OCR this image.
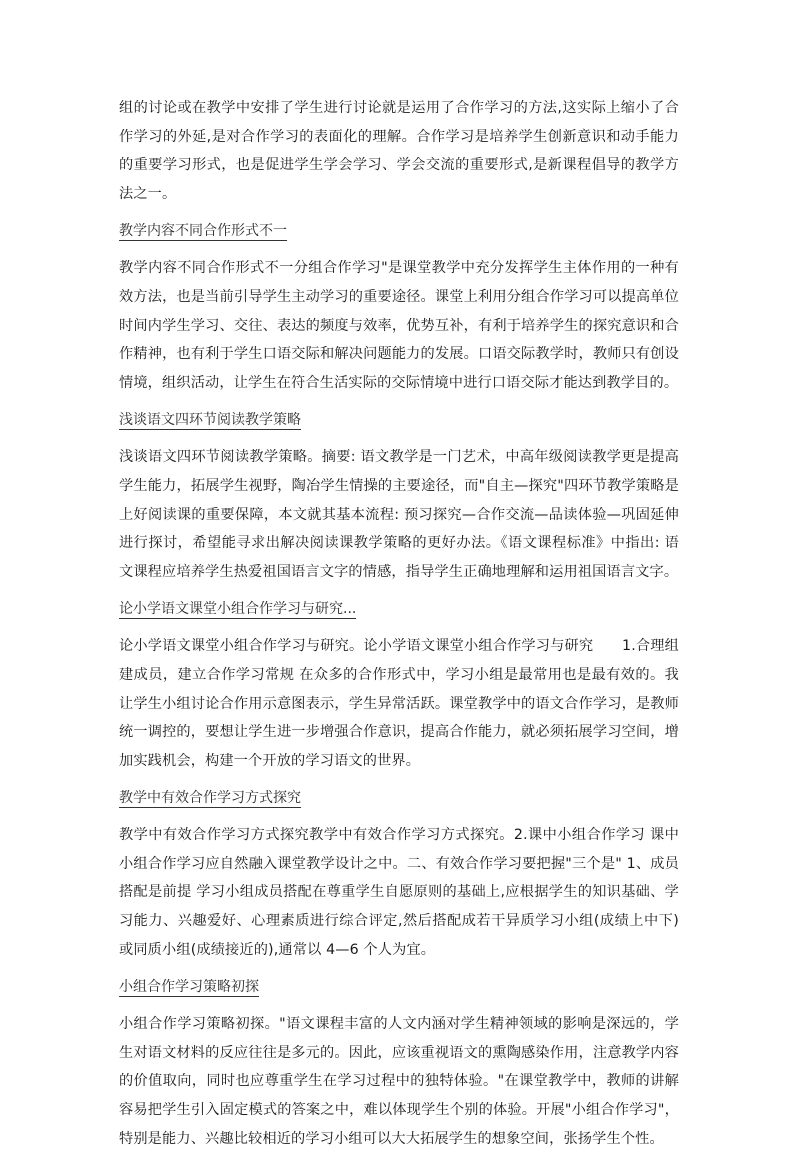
组的讨论或在教学中安排了学生进行讨论就是运用了合作学习的方法,这实际上缩小了合作学习的外延,是对合作学习的表面化的理解。合作学习是培养学生创新意识和动手能力的重要学习形式，也是促进学生学会学习、学会交流的重要形式,是新课程倡导的教学方法之一。

教学内容不同合作形式不一

教学内容不同合作形式不一分组合作学习"是课堂教学中充分发挥学生主体作用的一种有效方法，也是当前引导学生主动学习的重要途径。课堂上利用分组合作学习可以提高单位时间内学生学习、交往、表达的频度与效率，优势互补，有利于培养学生的探究意识和合作精神，也有利于学生口语交际和解决问题能力的发展。口语交际教学时，教师只有创设情境，组织活动，让学生在符合生活实际的交际情境中进行口语交际才能达到教学目的。

浅谈语文四环节阅读教学策略

浅谈语文四环节阅读教学策略。摘要: 语文教学是一门艺术，中高年级阅读教学更是提高学生能力，拓展学生视野，陶冶学生情操的主要途径，而"自主—探究"四环节教学策略是上好阅读课的重要保障，本文就其基本流程: 预习探究—合作交流—品读体验—巩固延伸进行探讨，希望能寻求出解决阅读课教学策略的更好办法。《语文课程标准》中指出: 语文课程应培养学生热爱祖国语言文字的情感，指导学生正确地理解和运用祖国语言文字。

论小学语文课堂小组合作学习与研究...

论小学语文课堂小组合作学习与研究。论小学语文课堂小组合作学习与研究　　1.合理组建成员，建立合作学习常规 在众多的合作形式中，学习小组是最常用也是最有效的。我让学生小组讨论合作用示意图表示，学生异常活跃。课堂教学中的语文合作学习，是教师统一调控的，要想让学生进一步增强合作意识，提高合作能力，就必须拓展学习空间，增加实践机会，构建一个开放的学习语文的世界。

教学中有效合作学习方式探究

教学中有效合作学习方式探究教学中有效合作学习方式探究。2.课中小组合作学习 课中小组合作学习应自然融入课堂教学设计之中。二、有效合作学习要把握"三个是" 1、成员搭配是前提 学习小组成员搭配在尊重学生自愿原则的基础上,应根据学生的知识基础、学习能力、兴趣爱好、心理素质进行综合评定,然后搭配成若干异质学习小组(成绩上中下)或同质小组(成绩接近的),通常以 4—6 个人为宜。

小组合作学习策略初探

小组合作学习策略初探。"语文课程丰富的人文内涵对学生精神领域的影响是深远的，学生对语文材料的反应往往是多元的。因此，应该重视语文的熏陶感染作用，注意教学内容的价值取向，同时也应尊重学生在学习过程中的独特体验。"在课堂教学中，教师的讲解容易把学生引入固定模式的答案之中，难以体现学生个别的体验。开展"小组合作学习"，特别是能力、兴趣比较相近的学习小组可以大大拓展学生的想象空间，张扬学生个性。
